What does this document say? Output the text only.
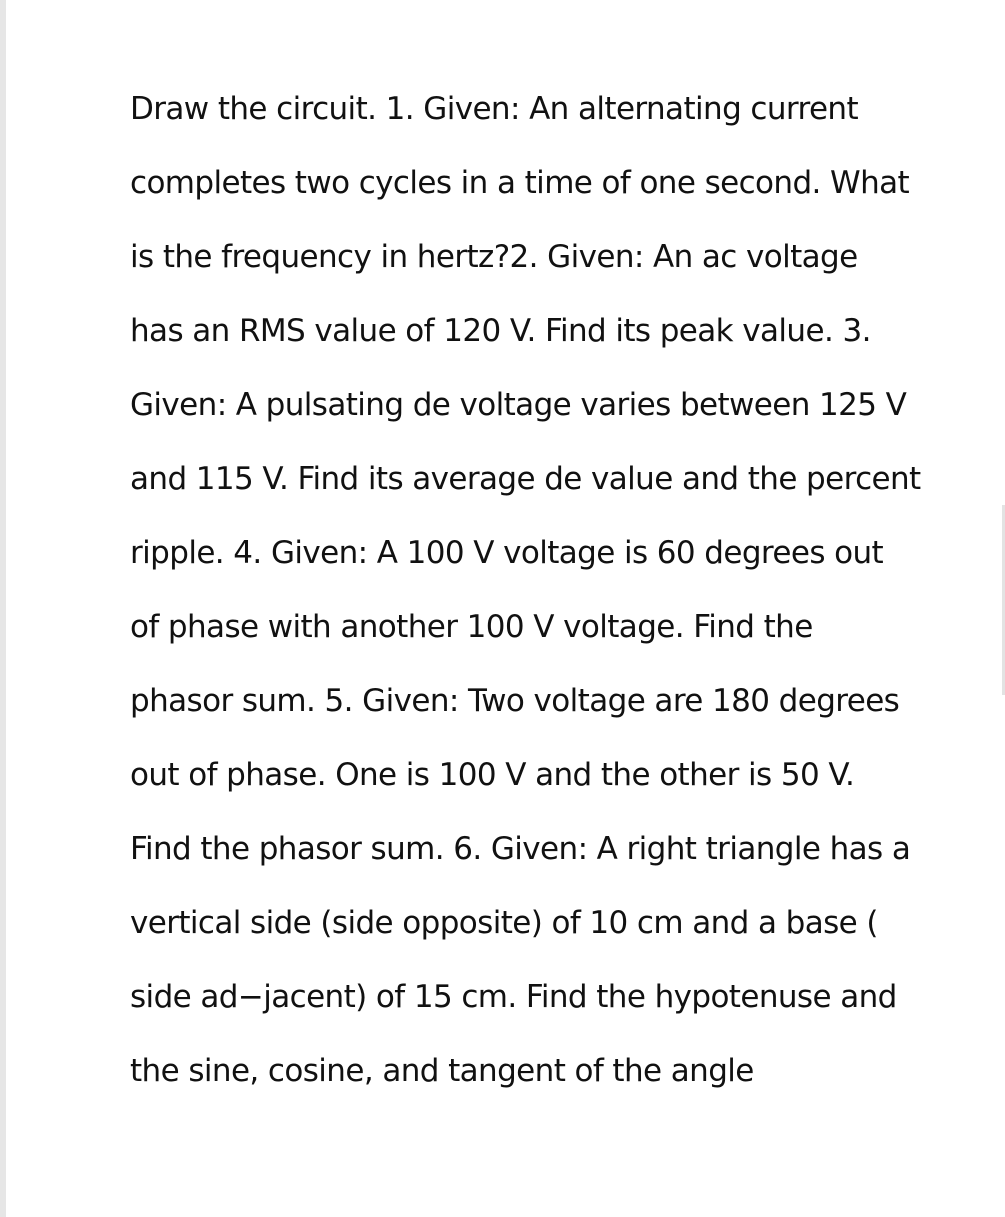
Draw the circuit. 1. Given: An alternating current
completes two cycles in a time of one second. What
is the frequency in hertz?2. Given: An ac voltage
has an RMS value of 120 V. Find its peak value. 3.
Given: A pulsating de voltage varies between 125 V
and 115 V. Find its average de value and the percent
ripple. 4. Given: A 100 V voltage is 60 degrees out
of phase with another 100 V voltage. Find the
phasor sum. 5. Given: Two voltage are 180 degrees
out of phase. One is 100 V and the other is 50 V.
Find the phasor sum. 6. Given: A right triangle has a
vertical side (side opposite) of 10 cm and a base (
side ad−jacent) of 15 cm. Find the hypotenuse and
the sine, cosine, and tangent of the angle
